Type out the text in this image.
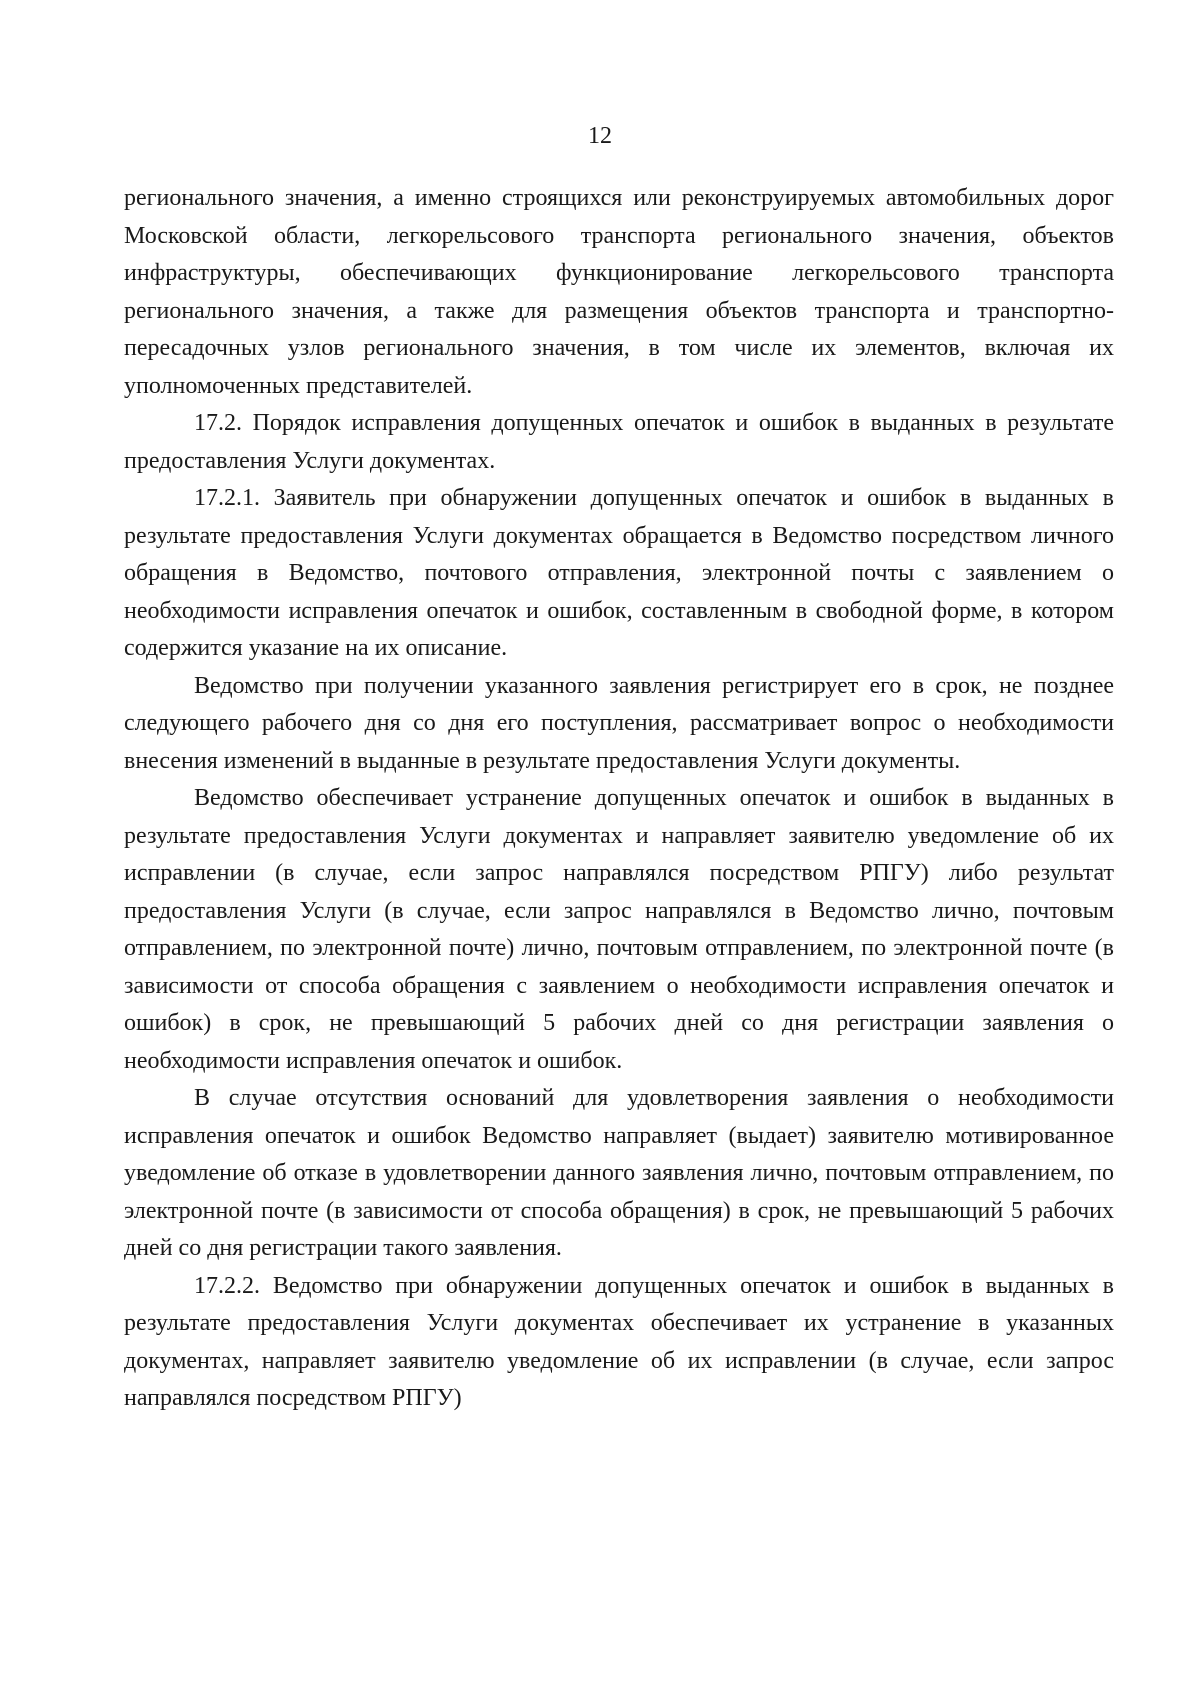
12

регионального значения, а именно строящихся или реконструируемых автомобильных дорог Московской области, легкорельсового транспорта регионального значения, объектов инфраструктуры, обеспечивающих функционирование легкорельсового транспорта регионального значения, а также для размещения объектов транспорта и транспортно-пересадочных узлов регионального значения, в том числе их элементов, включая их уполномоченных представителей.

17.2. Порядок исправления допущенных опечаток и ошибок в выданных в результате предоставления Услуги документах.

17.2.1. Заявитель при обнаружении допущенных опечаток и ошибок в выданных в результате предоставления Услуги документах обращается в Ведомство посредством личного обращения в Ведомство, почтового отправления, электронной почты с заявлением о необходимости исправления опечаток и ошибок, составленным в свободной форме, в котором содержится указание на их описание.

Ведомство при получении указанного заявления регистрирует его в срок, не позднее следующего рабочего дня со дня его поступления, рассматривает вопрос о необходимости внесения изменений в выданные в результате предоставления Услуги документы.

Ведомство обеспечивает устранение допущенных опечаток и ошибок в выданных в результате предоставления Услуги документах и направляет заявителю уведомление об их исправлении (в случае, если запрос направлялся посредством РПГУ) либо результат предоставления Услуги (в случае, если запрос направлялся в Ведомство лично, почтовым отправлением, по электронной почте) лично, почтовым отправлением, по электронной почте (в зависимости от способа обращения с заявлением о необходимости исправления опечаток и ошибок) в срок, не превышающий 5 рабочих дней со дня регистрации заявления о необходимости исправления опечаток и ошибок.

В случае отсутствия оснований для удовлетворения заявления о необходимости исправления опечаток и ошибок Ведомство направляет (выдает) заявителю мотивированное уведомление об отказе в удовлетворении данного заявления лично, почтовым отправлением, по электронной почте (в зависимости от способа обращения) в срок, не превышающий 5 рабочих дней со дня регистрации такого заявления.

17.2.2. Ведомство при обнаружении допущенных опечаток и ошибок в выданных в результате предоставления Услуги документах обеспечивает их устранение в указанных документах, направляет заявителю уведомление об их исправлении (в случае, если запрос направлялся посредством РПГУ)
